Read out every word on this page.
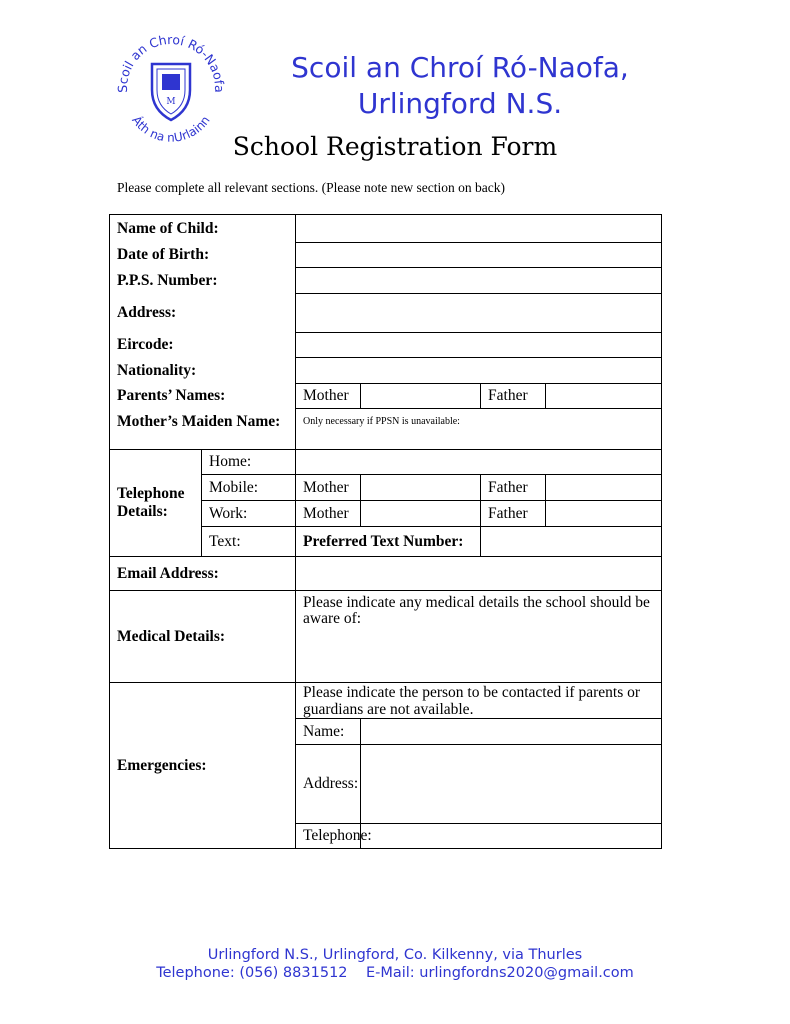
Scoil an Chroí Ró-Naofa
Áth na nUrlainn
M
Scoil an Chroí Ró-Naofa,
Urlingford N.S.
School Registration Form
Please complete all relevant sections. (Please note new section on back)
Name of Child:					
Date of Birth:					
P.P.S. Number:					
Address:					
Eircode:					
Nationality:					
Parents’ Names:		Mother		Father	
Mother’s Maiden Name:		Only necessary if PPSN is unavailable:			

Telephone Details:	Home:				
	Mobile:	Mother		Father	
	Work:	Mother		Father	
	Text:	Preferred Text Number:			
Email Address:					
Medical Details:		Please indicate any medical details the school should be aware of:			
Emergencies:		Please indicate the person to be contacted if parents or guardians are not available.			
		Name:			
		Address:			
		Telephone:			
Urlingford N.S., Urlingford, Co. Kilkenny, via Thurles
Telephone: (056) 8831512 E-Mail: urlingfordns2020@gmail.com
